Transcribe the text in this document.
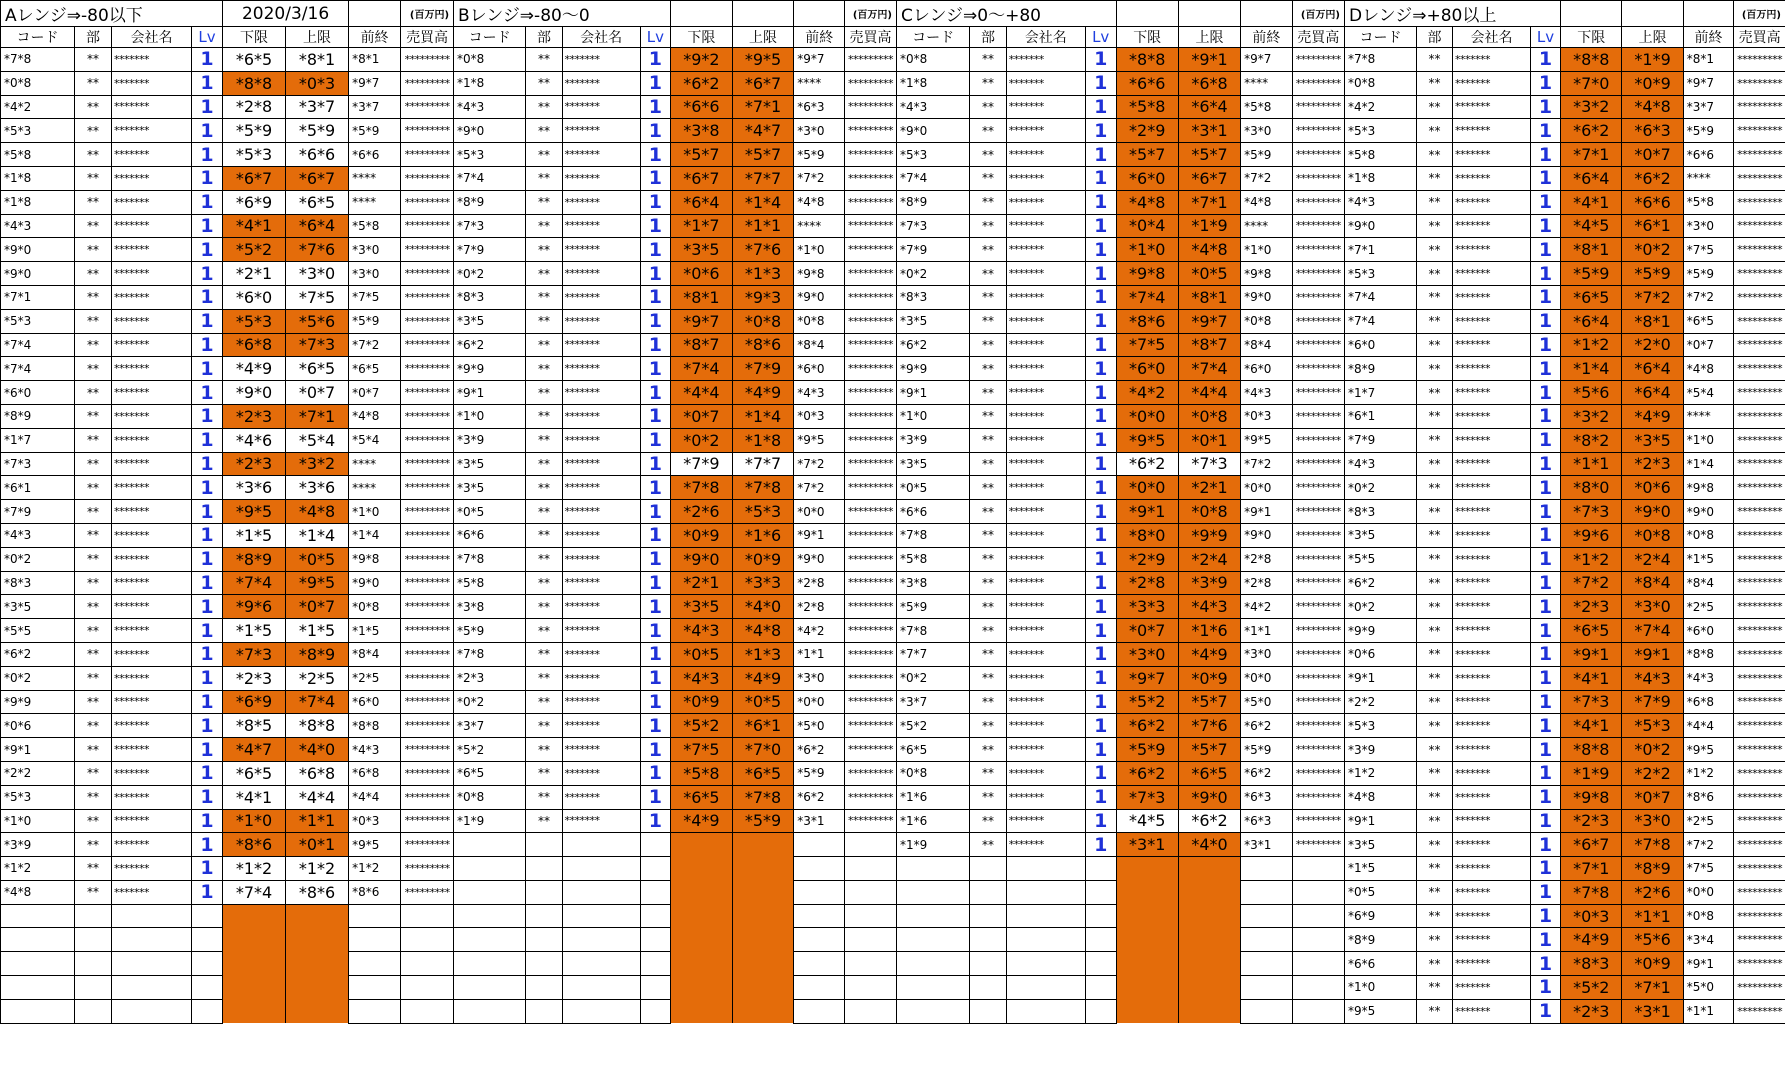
Aレンジ⇒-80以下				2020/3/16			(百万円)
コード	部	会社名	Lv	下限	上限	前終	売買高
*7*8	**	*******	1	*6*5	*8*1	*8*1	*********
*0*8	**	*******	1	*8*8	*0*3	*9*7	*********
*4*2	**	*******	1	*2*8	*3*7	*3*7	*********
*5*3	**	*******	1	*5*9	*5*9	*5*9	*********
*5*8	**	*******	1	*5*3	*6*6	*6*6	*********
*1*8	**	*******	1	*6*7	*6*7	****	*********
*1*8	**	*******	1	*6*9	*6*5	****	*********
*4*3	**	*******	1	*4*1	*6*4	*5*8	*********
*9*0	**	*******	1	*5*2	*7*6	*3*0	*********
*9*0	**	*******	1	*2*1	*3*0	*3*0	*********
*7*1	**	*******	1	*6*0	*7*5	*7*5	*********
*5*3	**	*******	1	*5*3	*5*6	*5*9	*********
*7*4	**	*******	1	*6*8	*7*3	*7*2	*********
*7*4	**	*******	1	*4*9	*6*5	*6*5	*********
*6*0	**	*******	1	*9*0	*0*7	*0*7	*********
*8*9	**	*******	1	*2*3	*7*1	*4*8	*********
*1*7	**	*******	1	*4*6	*5*4	*5*4	*********
*7*3	**	*******	1	*2*3	*3*2	****	*********
*6*1	**	*******	1	*3*6	*3*6	****	*********
*7*9	**	*******	1	*9*5	*4*8	*1*0	*********
*4*3	**	*******	1	*1*5	*1*4	*1*4	*********
*0*2	**	*******	1	*8*9	*0*5	*9*8	*********
*8*3	**	*******	1	*7*4	*9*5	*9*0	*********
*3*5	**	*******	1	*9*6	*0*7	*0*8	*********
*5*5	**	*******	1	*1*5	*1*5	*1*5	*********
*6*2	**	*******	1	*7*3	*8*9	*8*4	*********
*0*2	**	*******	1	*2*3	*2*5	*2*5	*********
*9*9	**	*******	1	*6*9	*7*4	*6*0	*********
*0*6	**	*******	1	*8*5	*8*8	*8*8	*********
*9*1	**	*******	1	*4*7	*4*0	*4*3	*********
*2*2	**	*******	1	*6*5	*6*8	*6*8	*********
*5*3	**	*******	1	*4*1	*4*4	*4*4	*********
*1*0	**	*******	1	*1*0	*1*1	*0*3	*********
*3*9	**	*******	1	*8*6	*0*1	*9*5	*********
*1*2	**	*******	1	*1*2	*1*2	*1*2	*********
*4*8	**	*******	1	*7*4	*8*6	*8*6	*********

Bレンジ⇒-80～0							(百万円)
コード	部	会社名	Lv	下限	上限	前終	売買高
*0*8	**	*******	1	*9*2	*9*5	*9*7	*********
*1*8	**	*******	1	*6*2	*6*7	****	*********
*4*3	**	*******	1	*6*6	*7*1	*6*3	*********
*9*0	**	*******	1	*3*8	*4*7	*3*0	*********
*5*3	**	*******	1	*5*7	*5*7	*5*9	*********
*7*4	**	*******	1	*6*7	*7*7	*7*2	*********
*8*9	**	*******	1	*6*4	*1*4	*4*8	*********
*7*3	**	*******	1	*1*7	*1*1	****	*********
*7*9	**	*******	1	*3*5	*7*6	*1*0	*********
*0*2	**	*******	1	*0*6	*1*3	*9*8	*********
*8*3	**	*******	1	*8*1	*9*3	*9*0	*********
*3*5	**	*******	1	*9*7	*0*8	*0*8	*********
*6*2	**	*******	1	*8*7	*8*6	*8*4	*********
*9*9	**	*******	1	*7*4	*7*9	*6*0	*********
*9*1	**	*******	1	*4*4	*4*9	*4*3	*********
*1*0	**	*******	1	*0*7	*1*4	*0*3	*********
*3*9	**	*******	1	*0*2	*1*8	*9*5	*********
*3*5	**	*******	1	*7*9	*7*7	*7*2	*********
*3*5	**	*******	1	*7*8	*7*8	*7*2	*********
*0*5	**	*******	1	*2*6	*5*3	*0*0	*********
*6*6	**	*******	1	*0*9	*1*6	*9*1	*********
*7*8	**	*******	1	*9*0	*0*9	*9*0	*********
*5*8	**	*******	1	*2*1	*3*3	*2*8	*********
*3*8	**	*******	1	*3*5	*4*0	*2*8	*********
*5*9	**	*******	1	*4*3	*4*8	*4*2	*********
*7*8	**	*******	1	*0*5	*1*3	*1*1	*********
*2*3	**	*******	1	*4*3	*4*9	*3*0	*********
*0*2	**	*******	1	*0*9	*0*5	*0*0	*********
*3*7	**	*******	1	*5*2	*6*1	*5*0	*********
*5*2	**	*******	1	*7*5	*7*0	*6*2	*********
*6*5	**	*******	1	*5*8	*6*5	*5*9	*********
*0*8	**	*******	1	*6*5	*7*8	*6*2	*********
*1*9	**	*******	1	*4*9	*5*9	*3*1	*********

Cレンジ⇒0～+80							(百万円)
コード	部	会社名	Lv	下限	上限	前終	売買高
*0*8	**	*******	1	*8*8	*9*1	*9*7	*********
*1*8	**	*******	1	*6*6	*6*8	****	*********
*4*3	**	*******	1	*5*8	*6*4	*5*8	*********
*9*0	**	*******	1	*2*9	*3*1	*3*0	*********
*5*3	**	*******	1	*5*7	*5*7	*5*9	*********
*7*4	**	*******	1	*6*0	*6*7	*7*2	*********
*8*9	**	*******	1	*4*8	*7*1	*4*8	*********
*7*3	**	*******	1	*0*4	*1*9	****	*********
*7*9	**	*******	1	*1*0	*4*8	*1*0	*********
*0*2	**	*******	1	*9*8	*0*5	*9*8	*********
*8*3	**	*******	1	*7*4	*8*1	*9*0	*********
*3*5	**	*******	1	*8*6	*9*7	*0*8	*********
*6*2	**	*******	1	*7*5	*8*7	*8*4	*********
*9*9	**	*******	1	*6*0	*7*4	*6*0	*********
*9*1	**	*******	1	*4*2	*4*4	*4*3	*********
*1*0	**	*******	1	*0*0	*0*8	*0*3	*********
*3*9	**	*******	1	*9*5	*0*1	*9*5	*********
*3*5	**	*******	1	*6*2	*7*3	*7*2	*********
*0*5	**	*******	1	*0*0	*2*1	*0*0	*********
*6*6	**	*******	1	*9*1	*0*8	*9*1	*********
*7*8	**	*******	1	*8*0	*9*9	*9*0	*********
*5*8	**	*******	1	*2*9	*2*4	*2*8	*********
*3*8	**	*******	1	*2*8	*3*9	*2*8	*********
*5*9	**	*******	1	*3*3	*4*3	*4*2	*********
*7*8	**	*******	1	*0*7	*1*6	*1*1	*********
*7*7	**	*******	1	*3*0	*4*9	*3*0	*********
*0*2	**	*******	1	*9*7	*0*9	*0*0	*********
*3*7	**	*******	1	*5*2	*5*7	*5*0	*********
*5*2	**	*******	1	*6*2	*7*6	*6*2	*********
*6*5	**	*******	1	*5*9	*5*7	*5*9	*********
*0*8	**	*******	1	*6*2	*6*5	*6*2	*********
*1*6	**	*******	1	*7*3	*9*0	*6*3	*********
*1*6	**	*******	1	*4*5	*6*2	*6*3	*********
*1*9	**	*******	1	*3*1	*4*0	*3*1	*********

Dレンジ⇒+80以上							(百万円)
コード	部	会社名	Lv	下限	上限	前終	売買高
*7*8	**	*******	1	*8*8	*1*9	*8*1	*********
*0*8	**	*******	1	*7*0	*0*9	*9*7	*********
*4*2	**	*******	1	*3*2	*4*8	*3*7	*********
*5*3	**	*******	1	*6*2	*6*3	*5*9	*********
*5*8	**	*******	1	*7*1	*0*7	*6*6	*********
*1*8	**	*******	1	*6*4	*6*2	****	*********
*4*3	**	*******	1	*4*1	*6*6	*5*8	*********
*9*0	**	*******	1	*4*5	*6*1	*3*0	*********
*7*1	**	*******	1	*8*1	*0*2	*7*5	*********
*5*3	**	*******	1	*5*9	*5*9	*5*9	*********
*7*4	**	*******	1	*6*5	*7*2	*7*2	*********
*7*4	**	*******	1	*6*4	*8*1	*6*5	*********
*6*0	**	*******	1	*1*2	*2*0	*0*7	*********
*8*9	**	*******	1	*1*4	*6*4	*4*8	*********
*1*7	**	*******	1	*5*6	*6*4	*5*4	*********
*6*1	**	*******	1	*3*2	*4*9	****	*********
*7*9	**	*******	1	*8*2	*3*5	*1*0	*********
*4*3	**	*******	1	*1*1	*2*3	*1*4	*********
*0*2	**	*******	1	*8*0	*0*6	*9*8	*********
*8*3	**	*******	1	*7*3	*9*0	*9*0	*********
*3*5	**	*******	1	*9*6	*0*8	*0*8	*********
*5*5	**	*******	1	*1*2	*2*4	*1*5	*********
*6*2	**	*******	1	*7*2	*8*4	*8*4	*********
*0*2	**	*******	1	*2*3	*3*0	*2*5	*********
*9*9	**	*******	1	*6*5	*7*4	*6*0	*********
*0*6	**	*******	1	*9*1	*9*1	*8*8	*********
*9*1	**	*******	1	*4*1	*4*3	*4*3	*********
*2*2	**	*******	1	*7*3	*7*9	*6*8	*********
*5*3	**	*******	1	*4*1	*5*3	*4*4	*********
*3*9	**	*******	1	*8*8	*0*2	*9*5	*********
*1*2	**	*******	1	*1*9	*2*2	*1*2	*********
*4*8	**	*******	1	*9*8	*0*7	*8*6	*********
*9*1	**	*******	1	*2*3	*3*0	*2*5	*********
*3*5	**	*******	1	*6*7	*7*8	*7*2	*********
*1*5	**	*******	1	*7*1	*8*9	*7*5	*********
*0*5	**	*******	1	*7*8	*2*6	*0*0	*********
*6*9	**	*******	1	*0*3	*1*1	*0*8	*********
*8*9	**	*******	1	*4*9	*5*6	*3*4	*********
*6*6	**	*******	1	*8*3	*0*9	*9*1	*********
*1*0	**	*******	1	*5*2	*7*1	*5*0	*********
*9*5	**	*******	1	*2*3	*3*1	*1*1	*********
